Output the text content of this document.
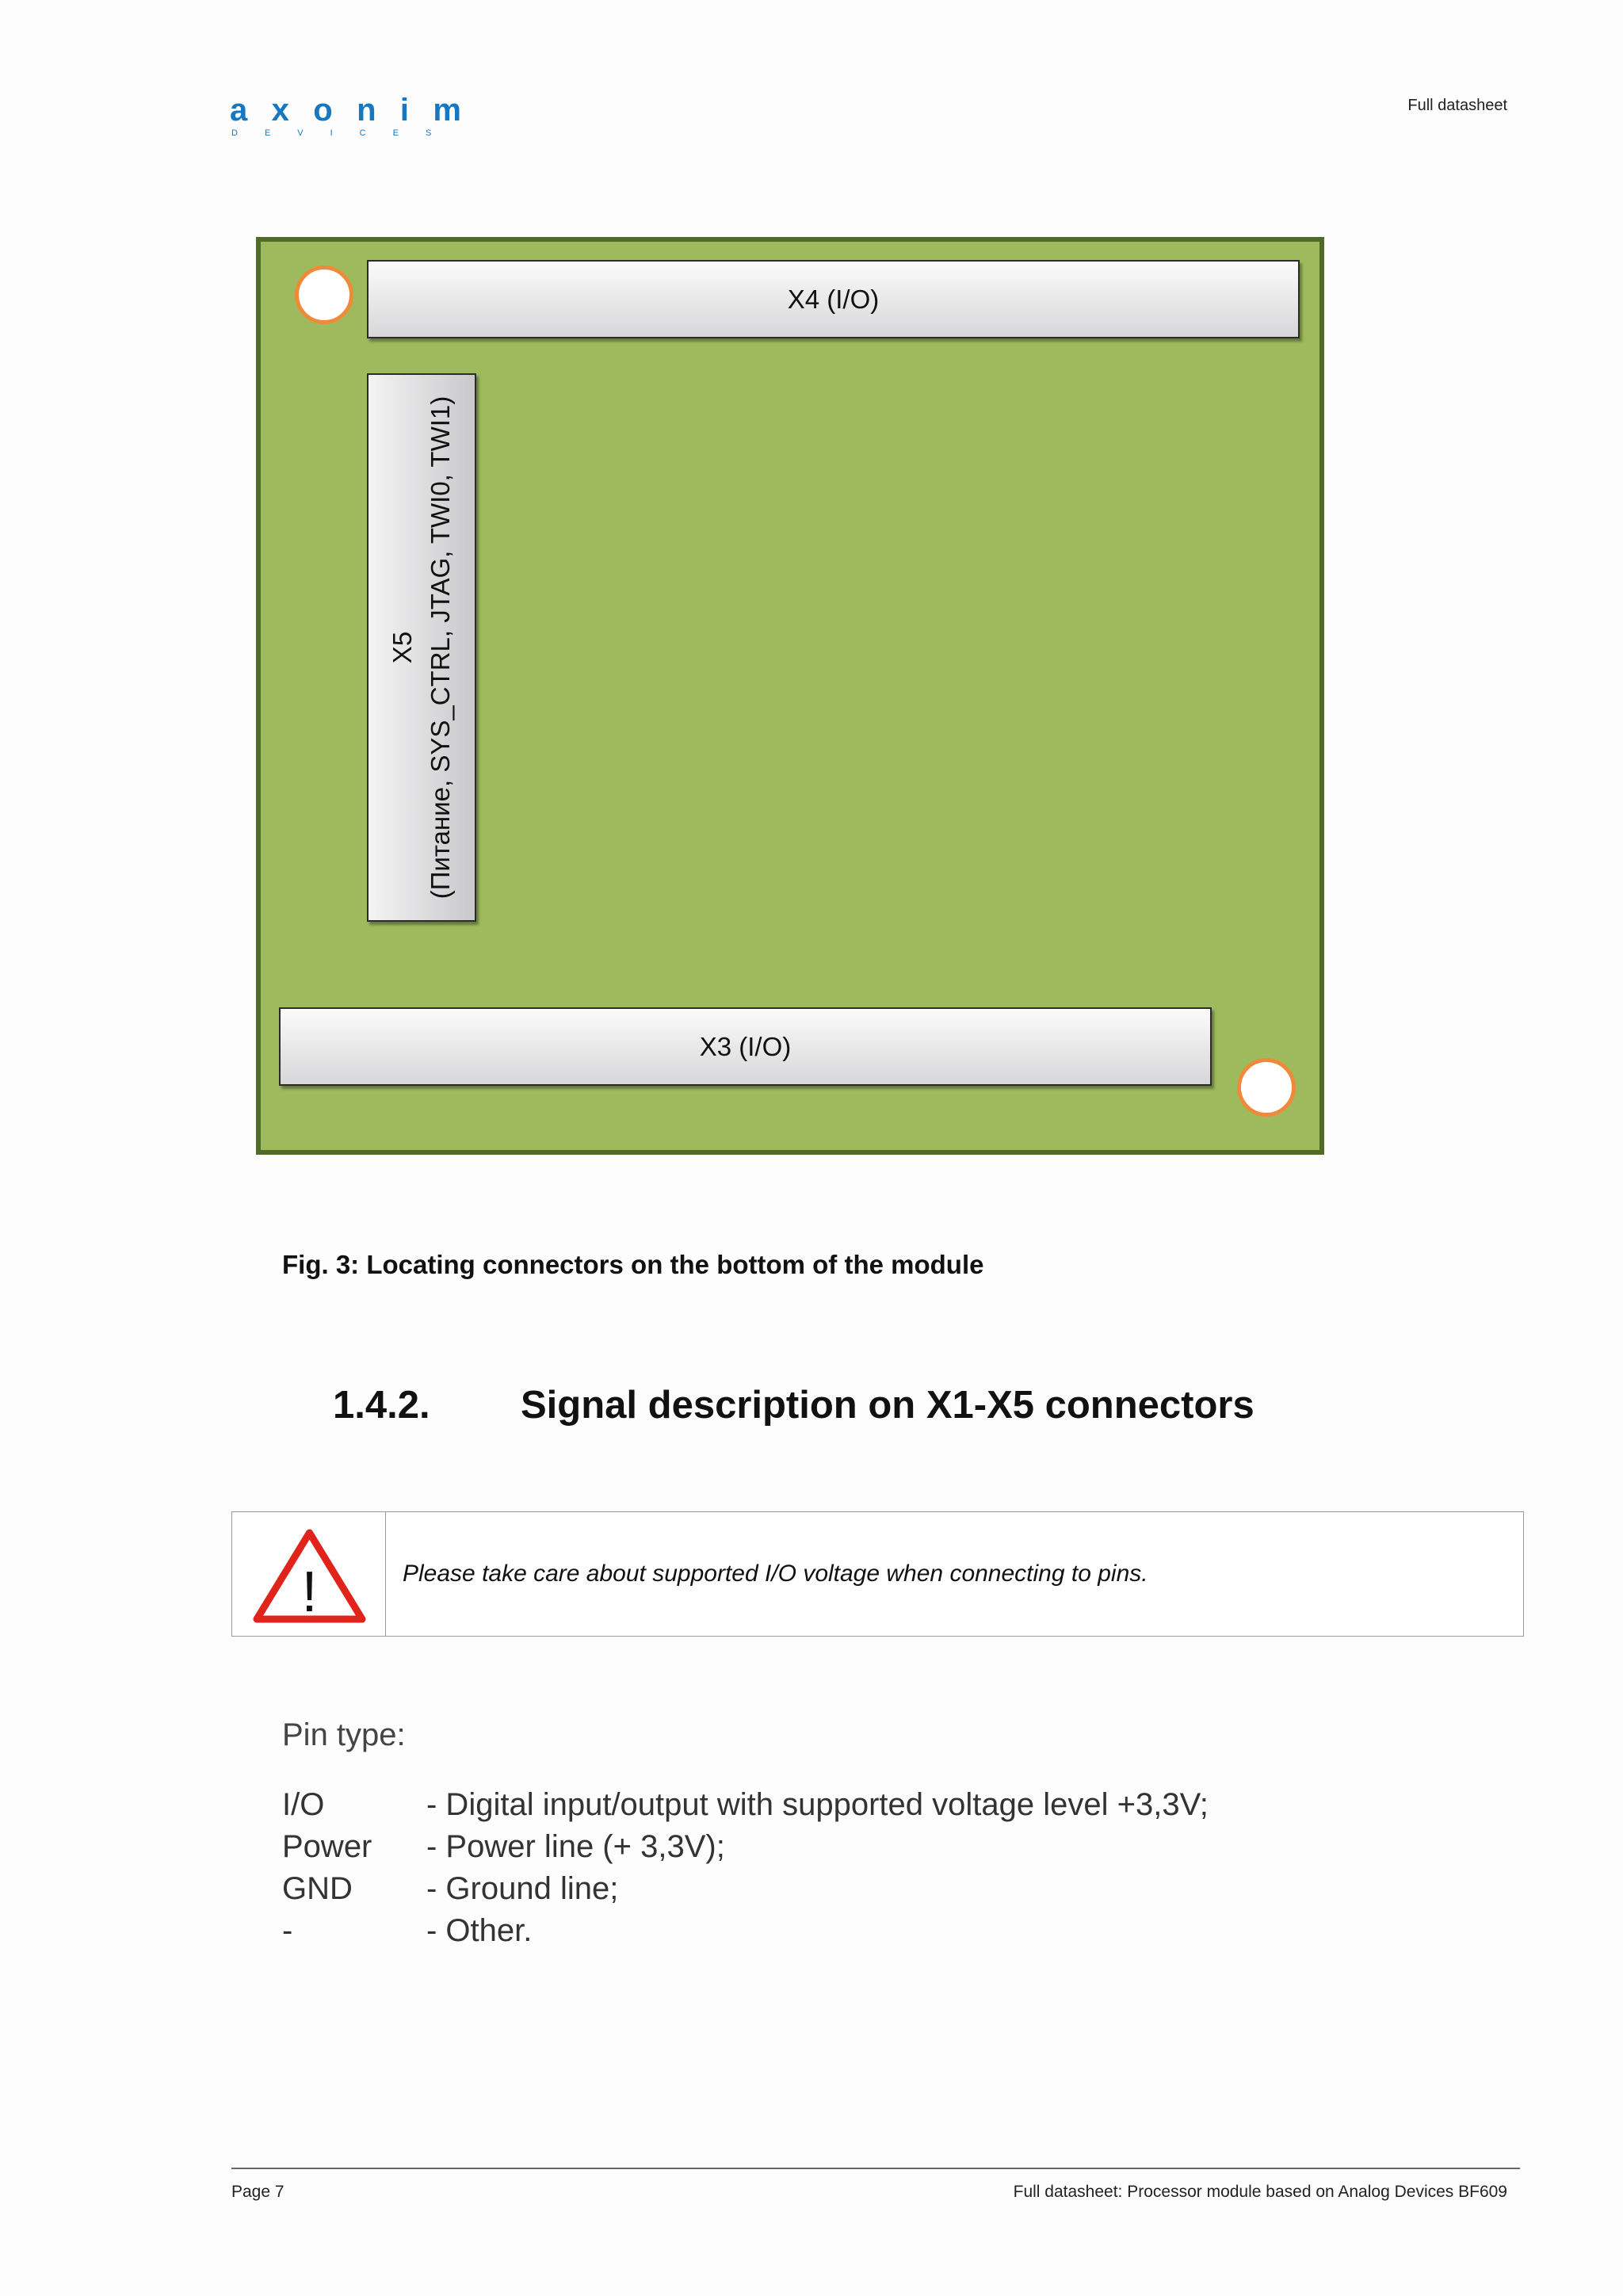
axonim
DEVICES
Full datasheet
X4 (I/O)
X5 (Питание, SYS_CTRL, JTAG, TWI0, TWI1)
X3 (I/O)
Fig. 3: Locating connectors on the bottom of the module
1.4.2. Signal description on X1-X5 connectors
!	Please take care about supported I/O voltage when connecting to pins.
Pin type:
I/O	- Digital input/output with supported voltage level +3,3V;
Power	- Power line (+ 3,3V);
GND	- Ground line;
-	- Other.
Page 7	Full datasheet: Processor module based on Analog Devices BF609
